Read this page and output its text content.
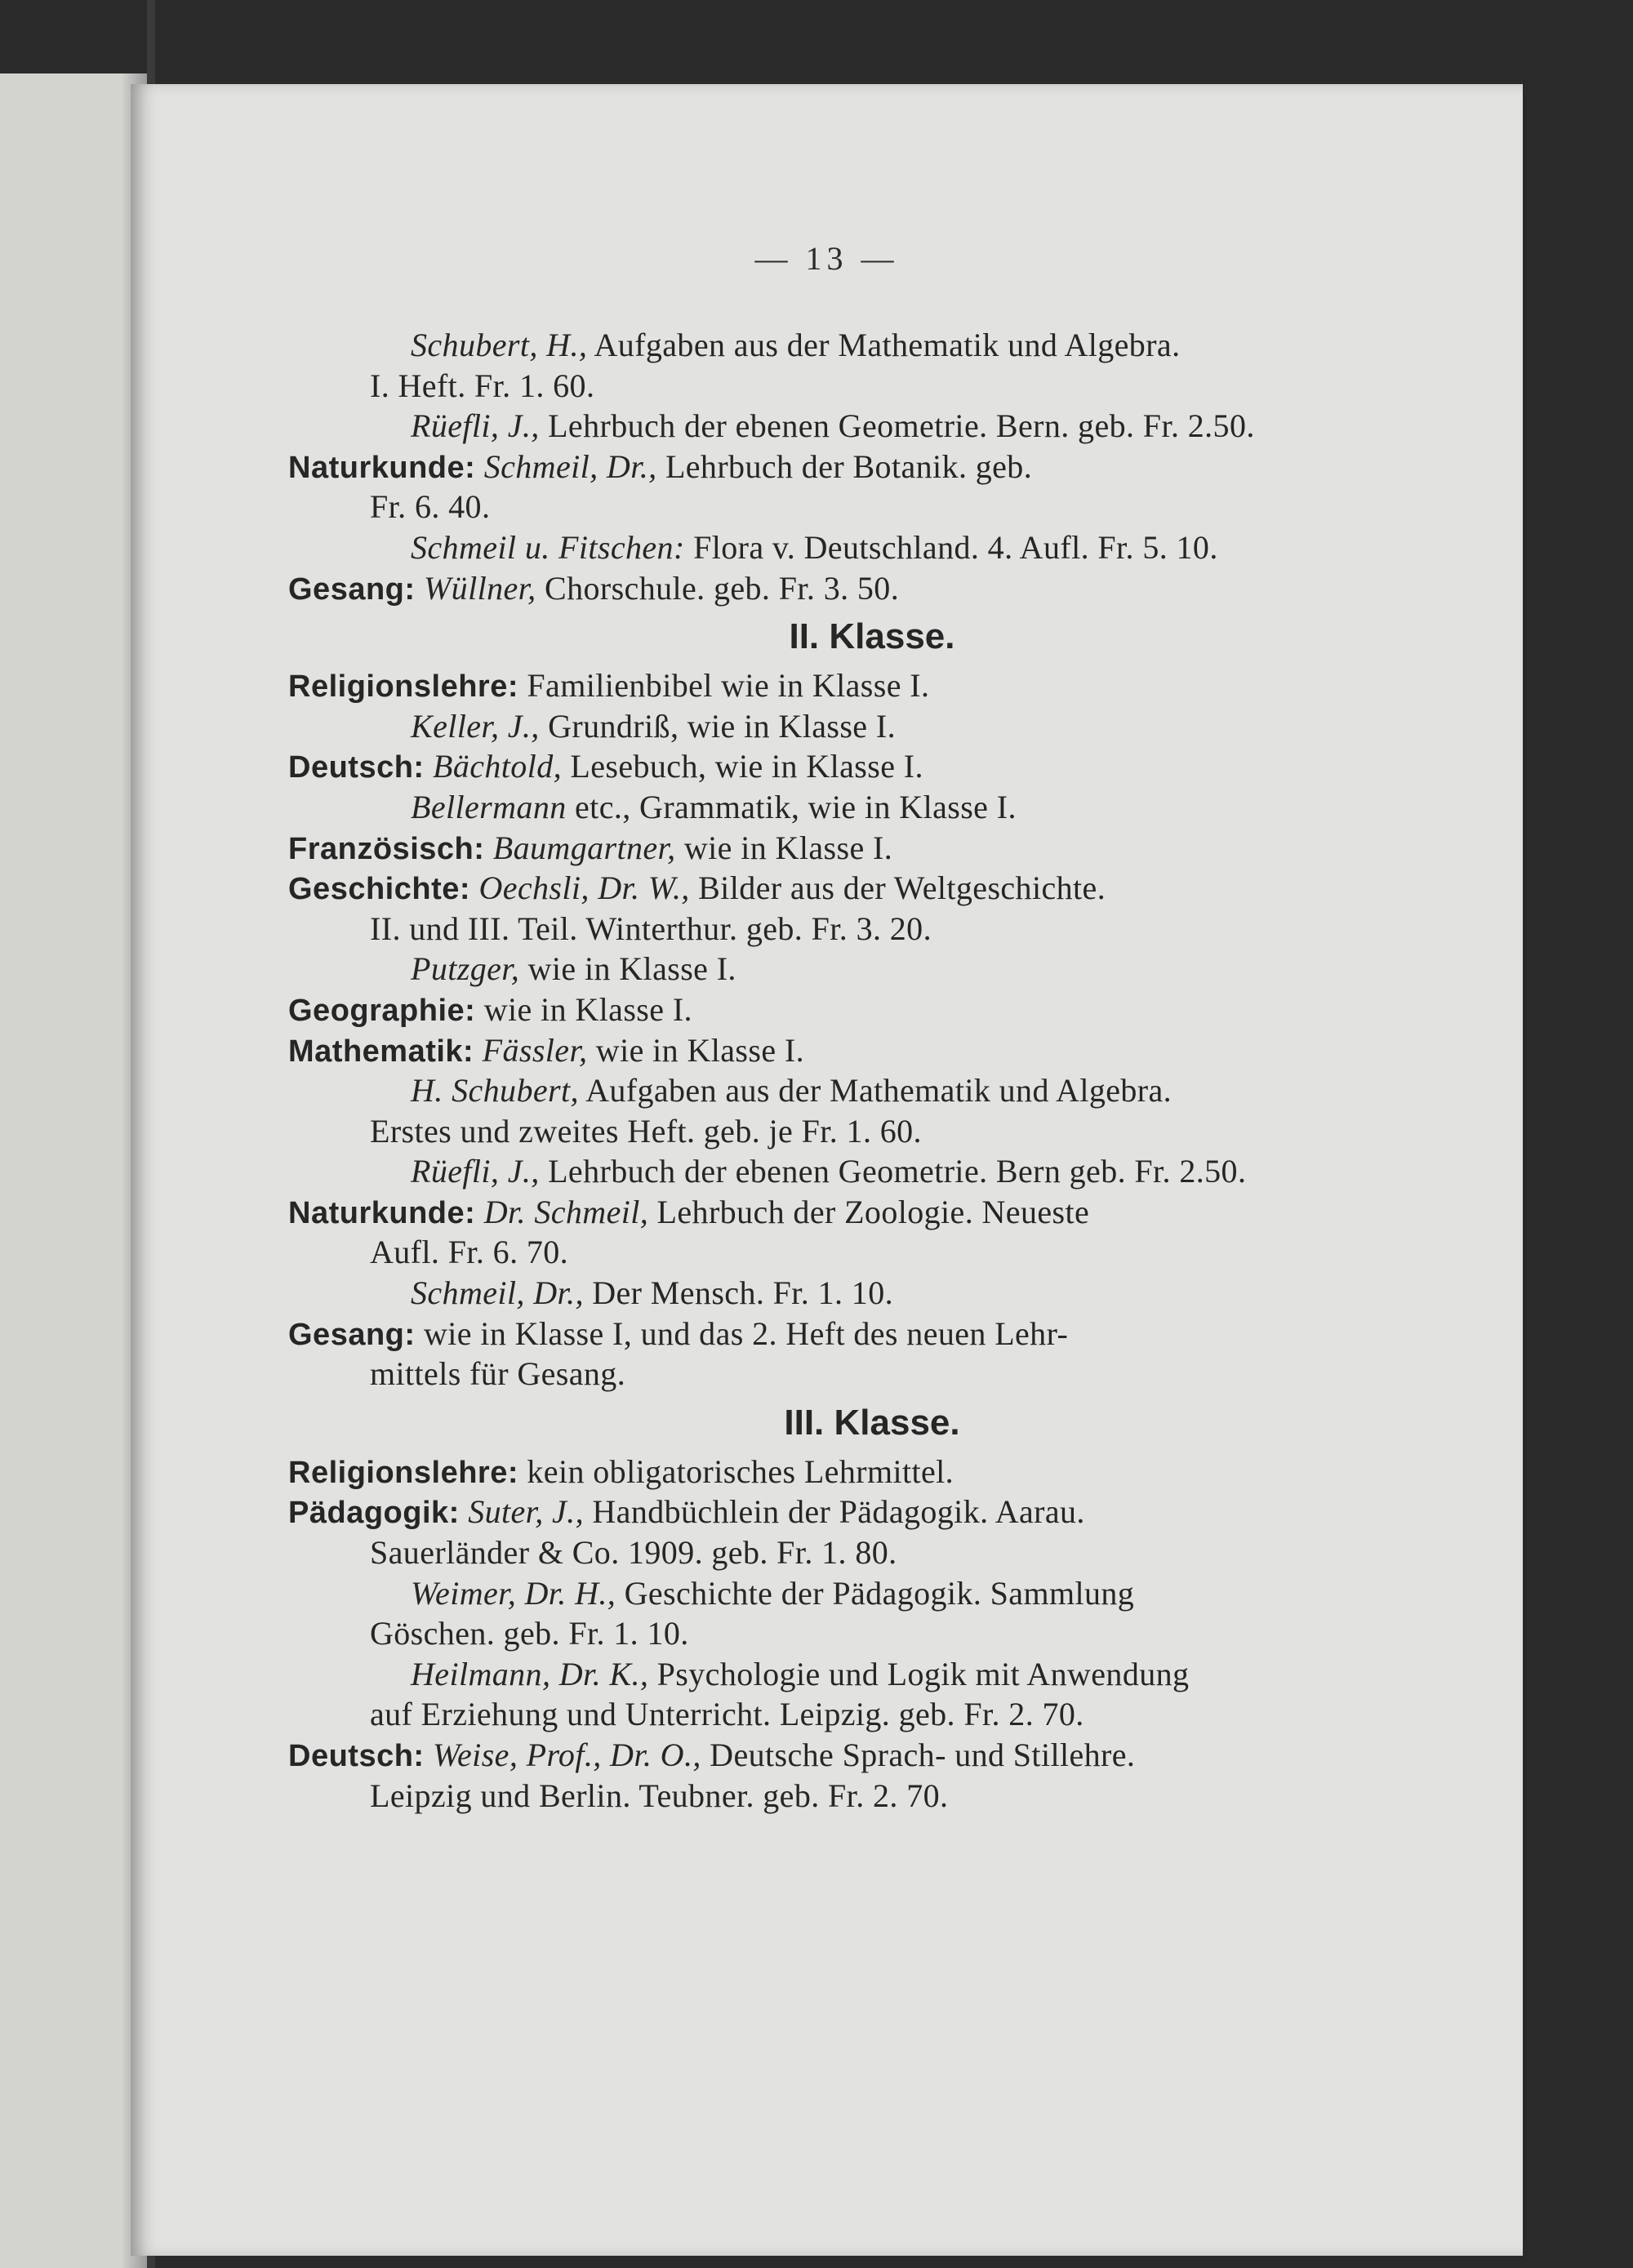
— 13 —
Schubert, H., Aufgaben aus der Mathematik und Algebra.
I. Heft. Fr. 1. 60.
Rüefli, J., Lehrbuch der ebenen Geometrie. Bern. geb. Fr. 2.50.
Naturkunde: Schmeil, Dr., Lehrbuch der Botanik. geb.
Fr. 6. 40.
Schmeil u. Fitschen: Flora v. Deutschland. 4. Aufl. Fr. 5. 10.
Gesang: Wüllner, Chorschule. geb. Fr. 3. 50.
II. Klasse.
Religionslehre: Familienbibel wie in Klasse I.
Keller, J., Grundriß, wie in Klasse I.
Deutsch: Bächtold, Lesebuch, wie in Klasse I.
Bellermann etc., Grammatik, wie in Klasse I.
Französisch: Baumgartner, wie in Klasse I.
Geschichte: Oechsli, Dr. W., Bilder aus der Weltgeschichte.
II. und III. Teil. Winterthur. geb. Fr. 3. 20.
Putzger, wie in Klasse I.
Geographie: wie in Klasse I.
Mathematik: Fässler, wie in Klasse I.
H. Schubert, Aufgaben aus der Mathematik und Algebra.
Erstes und zweites Heft. geb. je Fr. 1. 60.
Rüefli, J., Lehrbuch der ebenen Geometrie. Bern geb. Fr. 2.50.
Naturkunde: Dr. Schmeil, Lehrbuch der Zoologie. Neueste
Aufl. Fr. 6. 70.
Schmeil, Dr., Der Mensch. Fr. 1. 10.
Gesang: wie in Klasse I, und das 2. Heft des neuen Lehr-
mittels für Gesang.
III. Klasse.
Religionslehre: kein obligatorisches Lehrmittel.
Pädagogik: Suter, J., Handbüchlein der Pädagogik. Aarau.
Sauerländer & Co. 1909. geb. Fr. 1. 80.
Weimer, Dr. H., Geschichte der Pädagogik. Sammlung
Göschen. geb. Fr. 1. 10.
Heilmann, Dr. K., Psychologie und Logik mit Anwendung
auf Erziehung und Unterricht. Leipzig. geb. Fr. 2. 70.
Deutsch: Weise, Prof., Dr. O., Deutsche Sprach- und Stillehre.
Leipzig und Berlin. Teubner. geb. Fr. 2. 70.
